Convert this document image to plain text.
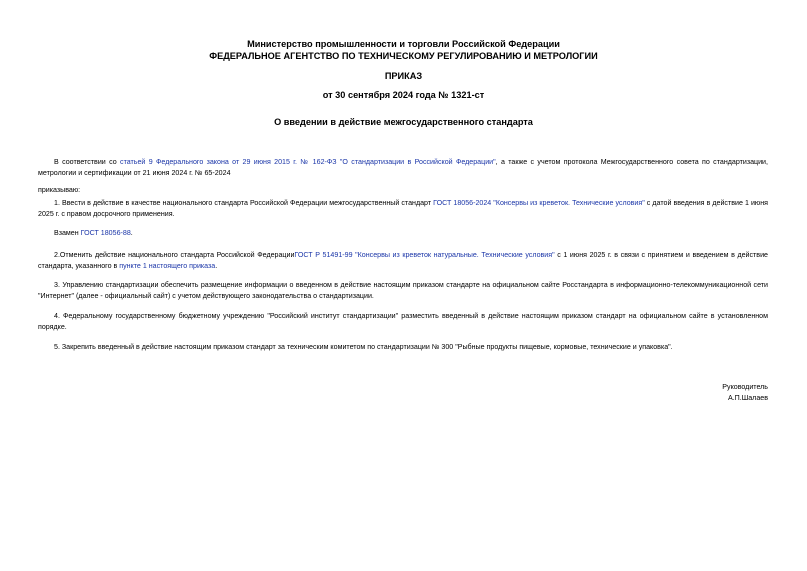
Министерство промышленности и торговли Российской Федерации
ФЕДЕРАЛЬНОЕ АГЕНТСТВО ПО ТЕХНИЧЕСКОМУ РЕГУЛИРОВАНИЮ И МЕТРОЛОГИИ
ПРИКАЗ
от 30 сентября 2024 года № 1321-ст
О введении в действие межгосударственного стандарта
В соответствии со статьей 9 Федерального закона от 29 июня 2015 г. № 162-ФЗ "О стандартизации в Российской Федерации", а также с учетом протокола Межгосударственного совета по стандартизации, метрологии и сертификации от 21 июня 2024 г. № 65-2024
приказываю:
1. Ввести в действие в качестве национального стандарта Российской Федерации межгосударственный стандарт ГОСТ 18056-2024 "Консервы из креветок. Технические условия" с датой введения в действие 1 июня 2025 г. с правом досрочного применения.
Взамен ГОСТ 18056-88.
2.Отменить действие национального стандарта Российской ФедерацииГОСТ Р 51491-99 "Консервы из креветок натуральные. Технические условия" с 1 июня 2025 г. в связи с принятием и введением в действие стандарта, указанного в пункте 1 настоящего приказа.
3. Управлению стандартизации обеспечить размещение информации о введенном в действие настоящим приказом стандарте на официальном сайте Росстандарта в информационно-телекоммуникационной сети "Интернет" (далее - официальный сайт) с учетом действующего законодательства о стандартизации.
4. Федеральному государственному бюджетному учреждению "Российский институт стандартизации" разместить введенный в действие настоящим приказом стандарт на официальном сайте в установленном порядке.
5. Закрепить введенный в действие настоящим приказом стандарт за техническим комитетом по стандартизации № 300 "Рыбные продукты пищевые, кормовые, технические и упаковка".
Руководитель
А.П.Шалаев
